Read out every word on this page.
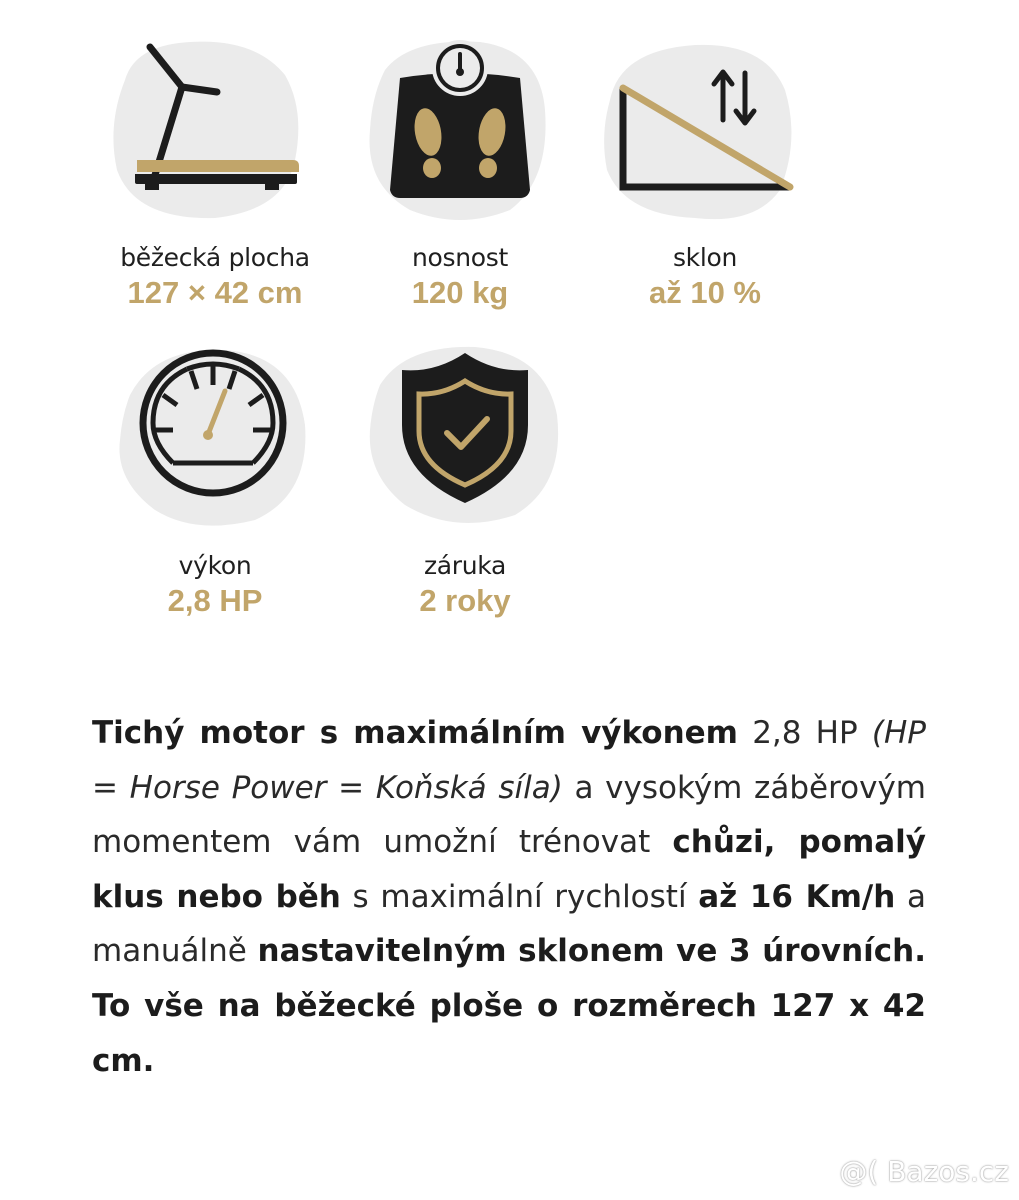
běžecká plocha
127 × 42 cm
nosnost
120 kg
sklon
až 10 %
výkon
2,8 HP
záruka
2 roky

Tichý motor s maximálním výkonem 2,8 HP (HP = Horse Power = Koňská síla) a vysokým záběrovým momentem vám umožní trénovat chůzi, pomalý klus nebo běh s maximální rychlostí až 16 Km/h a manuálně nastavitelným sklonem ve 3 úrovních. To vše na běžecké ploše o rozměrech 127 x 42 cm.

@( Bazos.cz
